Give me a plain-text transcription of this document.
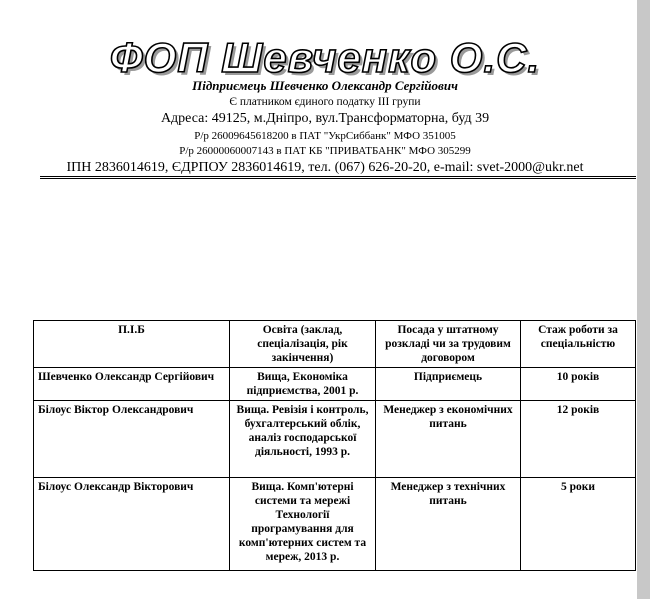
ФОП Шевченко О.С.
Підприємець Шевченко Олександр Сергійович
Є платником єдиного податку ІІІ групи
Адреса: 49125, м.Дніпро, вул.Трансформаторна, буд 39
Р/р 26009645618200 в ПАТ "УкрСиббанк" МФО 351005
Р/р 26000060007143 в ПАТ КБ "ПРИВАТБАНК" МФО 305299
ІПН 2836014619, ЄДРПОУ 2836014619, тел. (067) 626-20-20, e-mail: svet-2000@ukr.net
П.І.Б	Освіта (заклад, спеціалізація, рік закінчення)	Посада у штатному розкладі чи за трудовим договором	Стаж роботи за спеціальністю
Шевченко Олександр Сергійович	Вища, Економіка підприємства, 2001 р.	Підприємець	10 років
Білоус Віктор Олександрович	Вища. Ревізія і контроль, бухгалтерський облік, аналіз господарської діяльності, 1993 р.	Менеджер з економічних питань	12 років
Білоус Олександр Вікторович	Вища. Комп'ютерні системи та мережі Технології програмування для комп'ютерних систем та мереж, 2013 р.	Менеджер з технічних питань	5 роки
